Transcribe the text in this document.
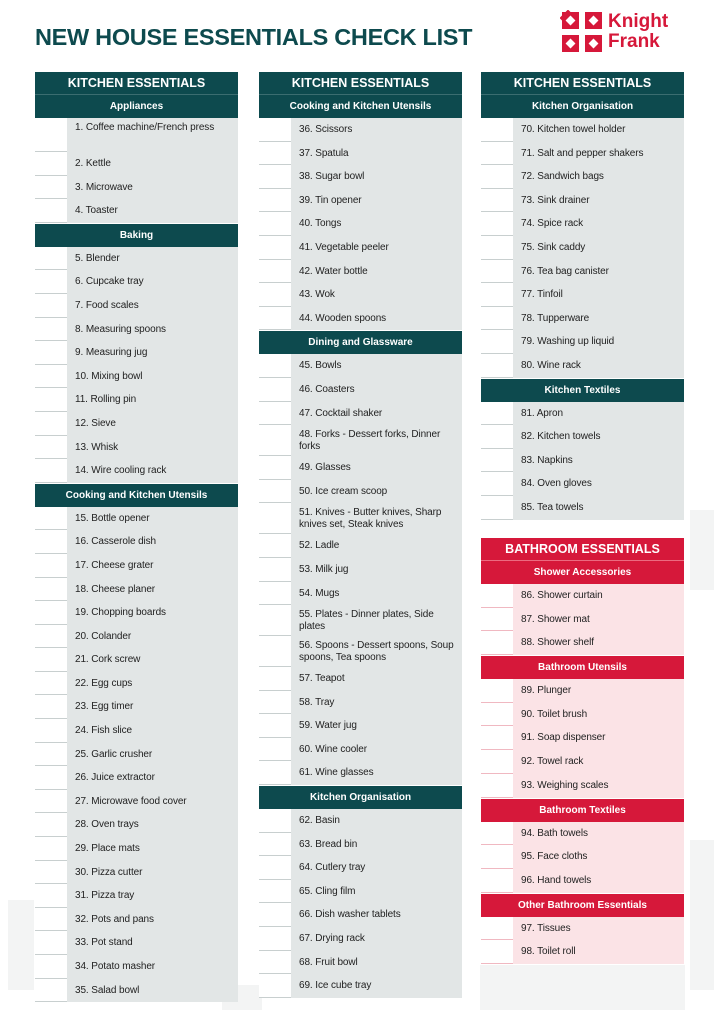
NEW HOUSE ESSENTIALS CHECK LIST
Knight
Frank
KITCHEN ESSENTIALS
Appliances
1. Coffee machine/French press
2. Kettle
3. Microwave
4. Toaster
Baking
5. Blender
6. Cupcake tray
7. Food scales
8. Measuring spoons
9. Measuring jug
10. Mixing bowl
11. Rolling pin
12. Sieve
13. Whisk
14. Wire cooling rack
Cooking and Kitchen Utensils
15. Bottle opener
16. Casserole dish
17. Cheese grater
18. Cheese planer
19. Chopping boards
20. Colander
21. Cork screw
22. Egg cups
23. Egg timer
24. Fish slice
25. Garlic crusher
26. Juice extractor
27. Microwave food cover
28. Oven trays
29. Place mats
30. Pizza cutter
31. Pizza tray
32. Pots and pans
33. Pot stand
34. Potato masher
35. Salad bowl
KITCHEN ESSENTIALS
Cooking and Kitchen Utensils
36. Scissors
37. Spatula
38. Sugar bowl
39. Tin opener
40. Tongs
41. Vegetable peeler
42. Water bottle
43. Wok
44. Wooden spoons
Dining and Glassware
45. Bowls
46. Coasters
47. Cocktail shaker
48. Forks - Dessert forks, Dinner forks
49. Glasses
50. Ice cream scoop
51. Knives - Butter knives, Sharp knives set, Steak knives
52. Ladle
53. Milk jug
54. Mugs
55. Plates - Dinner plates, Side plates
56. Spoons - Dessert spoons, Soup spoons, Tea spoons
57. Teapot
58. Tray
59. Water jug
60. Wine cooler
61. Wine glasses
Kitchen Organisation
62. Basin
63. Bread bin
64. Cutlery tray
65. Cling film
66. Dish washer tablets
67. Drying rack
68. Fruit bowl
69. Ice cube tray
KITCHEN ESSENTIALS
Kitchen Organisation
70. Kitchen towel holder
71. Salt and pepper shakers
72. Sandwich bags
73. Sink drainer
74. Spice rack
75. Sink caddy
76. Tea bag canister
77. Tinfoil
78. Tupperware
79. Washing up liquid
80. Wine rack
Kitchen Textiles
81. Apron
82. Kitchen towels
83. Napkins
84. Oven gloves
85. Tea towels
BATHROOM ESSENTIALS
Shower Accessories
86. Shower curtain
87. Shower mat
88. Shower shelf
Bathroom Utensils
89. Plunger
90. Toilet brush
91. Soap dispenser
92. Towel rack
93. Weighing scales
Bathroom Textiles
94. Bath towels
95. Face cloths
96. Hand towels
Other Bathroom Essentials
97. Tissues
98. Toilet roll
